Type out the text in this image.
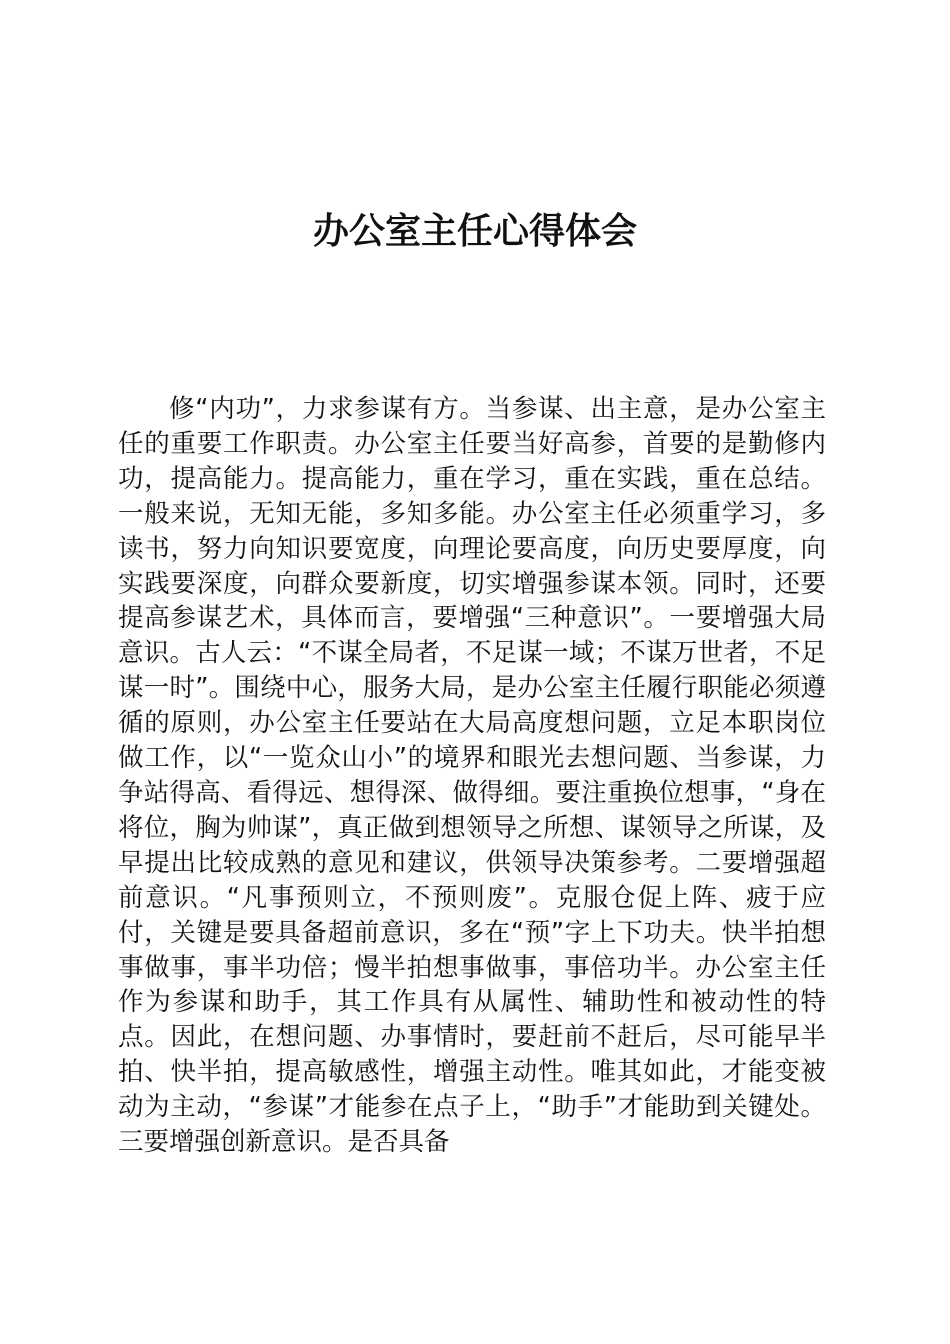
办公室主任心得体会

修“内功”，力求参谋有方。当参谋、出主意，是办公室主任的重要工作职责。办公室主任要当好高参，首要的是勤修内功，提高能力。提高能力，重在学习，重在实践，重在总结。一般来说，无知无能，多知多能。办公室主任必须重学习，多读书，努力向知识要宽度，向理论要高度，向历史要厚度，向实践要深度，向群众要新度，切实增强参谋本领。同时，还要提高参谋艺术，具体而言，要增强“三种意识”。一要增强大局意识。古人云：“不谋全局者，不足谋一域；不谋万世者，不足谋一时”。围绕中心，服务大局，是办公室主任履行职能必须遵循的原则，办公室主任要站在大局高度想问题，立足本职岗位做工作，以“一览众山小”的境界和眼光去想问题、当参谋，力争站得高、看得远、想得深、做得细。要注重换位想事，“身在将位，胸为帅谋”，真正做到想领导之所想、谋领导之所谋，及早提出比较成熟的意见和建议，供领导决策参考。二要增强超前意识。“凡事预则立，不预则废”。克服仓促上阵、疲于应付，关键是要具备超前意识，多在“预”字上下功夫。快半拍想事做事，事半功倍；慢半拍想事做事，事倍功半。办公室主任作为参谋和助手，其工作具有从属性、辅助性和被动性的特点。因此，在想问题、办事情时，要赶前不赶后，尽可能早半拍、快半拍，提高敏感性，增强主动性。唯其如此，才能变被动为主动，“参谋”才能参在点子上，“助手”才能助到关键处。三要增强创新意识。是否具备
